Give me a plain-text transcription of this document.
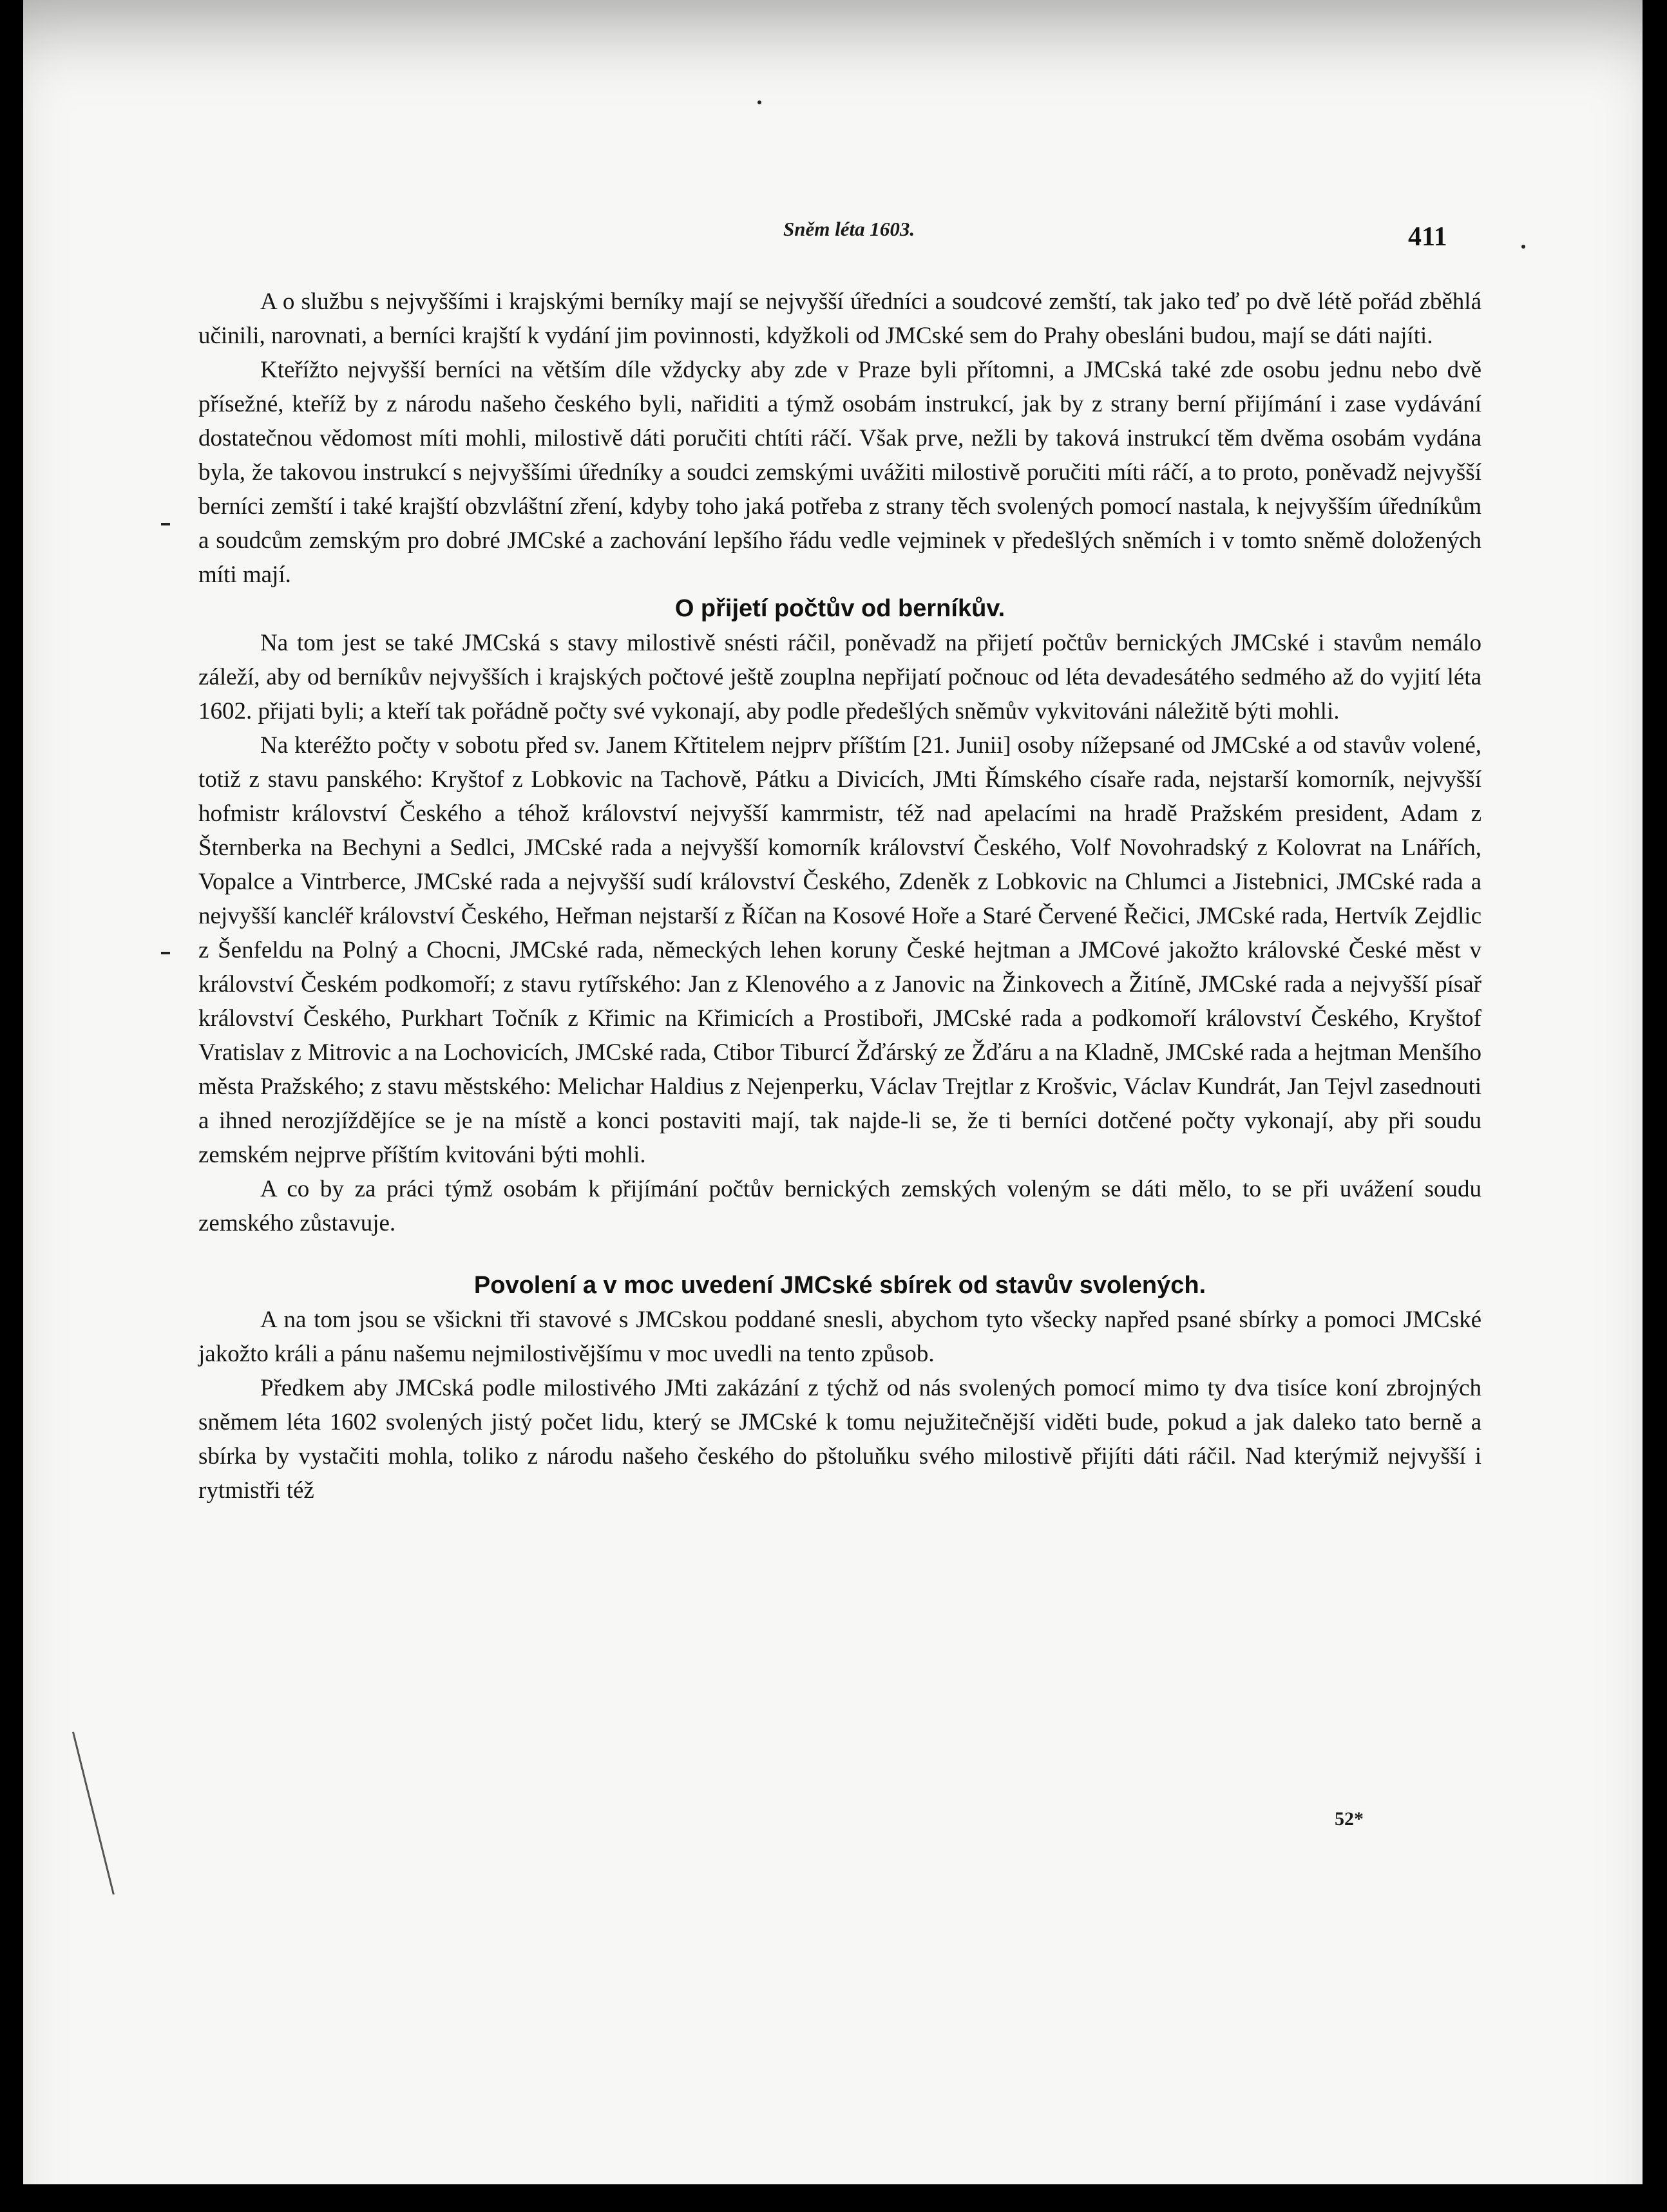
Sněm léta 1603.	411

A o službu s nejvyššími i krajskými berníky mají se nejvyšší úředníci a soudcové zemští, tak jako teď po dvě létě pořád zběhlá učinili, narovnati, a berníci krajští k vydání jim povinnosti, kdyžkoli od JMCské sem do Prahy obesláni budou, mají se dáti najíti.

Kteřížto nejvyšší berníci na větším díle vždycky aby zde v Praze byli přítomni, a JMCská také zde osobu jednu nebo dvě přísežné, kteříž by z národu našeho českého byli, nařiditi a týmž osobám instrukcí, jak by z strany berní přijímání i zase vydávání dostatečnou vědomost míti mohli, milostivě dáti poručiti chtíti ráčí. Však prve, nežli by taková instrukcí těm dvěma osobám vydána byla, že takovou instrukcí s nejvyššími úředníky a soudci zemskými uvážiti milostivě poručiti míti ráčí, a to proto, poněvadž nejvyšší berníci zemští i také krajští obzvláštní zření, kdyby toho jaká potřeba z strany těch svolených pomocí nastala, k nejvyšším úředníkům a soudcům zemským pro dobré JMCské a zachování lepšího řádu vedle vejminek v předešlých sněmích i v tomto sněmě doložených míti mají.

O přijetí počtův od berníkův.

Na tom jest se také JMCská s stavy milostivě snésti ráčil, poněvadž na přijetí počtův bernických JMCské i stavům nemálo záleží, aby od berníkův nejvyšších i krajských počtové ještě zouplna nepřijatí počnouc od léta devadesátého sedmého až do vyjití léta 1602. přijati byli; a kteří tak pořádně počty své vykonají, aby podle předešlých sněmův vykvitováni náležitě býti mohli.

Na kteréžto počty v sobotu před sv. Janem Křtitelem nejprv příštím [21. Junii] osoby nížepsané od JMCské a od stavův volené, totiž z stavu panského: Kryštof z Lobkovic na Tachově, Pátku a Divicích, JMti Římského císaře rada, nejstarší komorník, nejvyšší hofmistr království Českého a téhož království nejvyšší kamrmistr, též nad apelacími na hradě Pražském president, Adam z Šternberka na Bechyni a Sedlci, JMCské rada a nejvyšší komorník království Českého, Volf Novohradský z Kolovrat na Lnářích, Vopalce a Vintrberce, JMCské rada a nejvyšší sudí království Českého, Zdeněk z Lobkovic na Chlumci a Jistebnici, JMCské rada a nejvyšší kancléř království Českého, Heřman nejstarší z Říčan na Kosové Hoře a Staré Červené Řečici, JMCské rada, Hertvík Zejdlic z Šenfeldu na Polný a Chocni, JMCské rada, německých lehen koruny České hejtman a JMCové jakožto královské České měst v království Českém podkomoří; z stavu rytířského: Jan z Klenového a z Janovic na Žinkovech a Žitíně, JMCské rada a nejvyšší písař království Českého, Purkhart Točník z Křimic na Křimicích a Prostiboři, JMCské rada a podkomoří království Českého, Kryštof Vratislav z Mitrovic a na Lochovicích, JMCské rada, Ctibor Tiburcí Žďárský ze Žďáru a na Kladně, JMCské rada a hejtman Menšího města Pražského; z stavu městského: Melichar Haldius z Nejenperku, Václav Trejtlar z Krošvic, Václav Kundrát, Jan Tejvl zasednouti a ihned nerozjíždějíce se je na místě a konci postaviti mají, tak najde-li se, že ti berníci dotčené počty vykonají, aby při soudu zemském nejprve příštím kvitováni býti mohli.

A co by za práci týmž osobám k přijímání počtův bernických zemských voleným se dáti mělo, to se při uvážení soudu zemského zůstavuje.

Povolení a v moc uvedení JMCské sbírek od stavův svolených.

A na tom jsou se všickni tři stavové s JMCskou poddané snesli, abychom tyto všecky napřed psané sbírky a pomoci JMCské jakožto králi a pánu našemu nejmilostivějšímu v moc uvedli na tento způsob.

Předkem aby JMCská podle milostivého JMti zakázání z týchž od nás svolených pomocí mimo ty dva tisíce koní zbrojných sněmem léta 1602 svolených jistý počet lidu, který se JMCské k tomu nejužitečnější viděti bude, pokud a jak daleko tato berně a sbírka by vystačiti mohla, toliko z národu našeho českého do pštoluňku svého milostivě přijíti dáti ráčil. Nad kterýmiž nejvyšší i rytmistři též

52*
